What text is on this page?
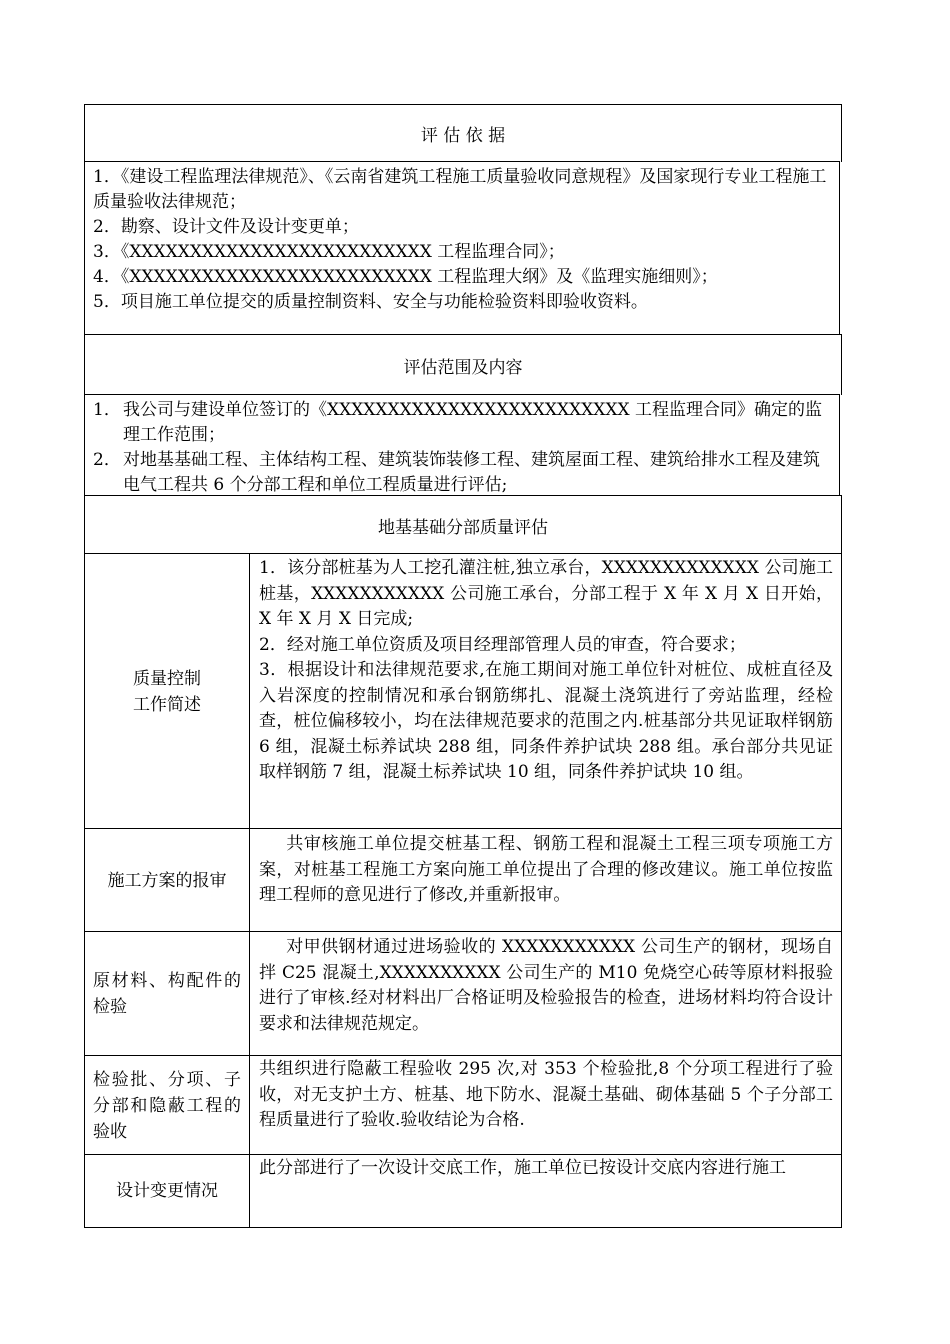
评 估 依 据

1．《建设工程监理法律规范》、《云南省建筑工程施工质量验收同意规程》及国家现行专业工程施工质量验收法律规范；

2．勘察、设计文件及设计变更单；

3．《XXXXXXXXXXXXXXXXXXXXXXXXX 工程监理合同》；

4．《XXXXXXXXXXXXXXXXXXXXXXXXX 工程监理大纲》及《监理实施细则》；

5．项目施工单位提交的质量控制资料、安全与功能检验资料即验收资料。

评估范围及内容
1． 我公司与建设单位签订的《XXXXXXXXXXXXXXXXXXXXXXXXX 工程监理合同》确定的监理工作范围；
2． 对地基基础工程、主体结构工程、建筑装饰装修工程、建筑屋面工程、建筑给排水工程及建筑电气工程共 6 个分部工程和单位工程质量进行评估;
地基基础分部质量评估
质量控制
工作简述

1．该分部桩基为人工挖孔灌注桩,独立承台，XXXXXXXXXXXXX 公司施工桩基，XXXXXXXXXXX 公司施工承台，分部工程于 X 年 X 月 X 日开始，X 年 X 月 X 日完成;

2．经对施工单位资质及项目经理部管理人员的审查，符合要求；

3．根据设计和法律规范要求,在施工期间对施工单位针对桩位、成桩直径及入岩深度的控制情况和承台钢筋绑扎、混凝土浇筑进行了旁站监理，经检查，桩位偏移较小，均在法律规范要求的范围之内.桩基部分共见证取样钢筋 6 组，混凝土标养试块 288 组，同条件养护试块 288 组。承台部分共见证取样钢筋 7 组，混凝土标养试块 10 组，同条件养护试块 10 组。

施工方案的报审

共审核施工单位提交桩基工程、钢筋工程和混凝土工程三项专项施工方案，对桩基工程施工方案向施工单位提出了合理的修改建议。施工单位按监理工程师的意见进行了修改,并重新报审。

原材料、构配件的检验

对甲供钢材通过进场验收的 XXXXXXXXXXX 公司生产的钢材，现场自拌 C25 混凝土,XXXXXXXXXX 公司生产的 M10 免烧空心砖等原材料报验进行了审核.经对材料出厂合格证明及检验报告的检查，进场材料均符合设计要求和法律规范规定。

检验批、分项、子分部和隐蔽工程的验收

共组织进行隐蔽工程验收 295 次,对 353 个检验批,8 个分项工程进行了验收，对无支护土方、桩基、地下防水、混凝土基础、砌体基础 5 个子分部工程质量进行了验收.验收结论为合格.

设计变更情况

此分部进行了一次设计交底工作，施工单位已按设计交底内容进行施工
